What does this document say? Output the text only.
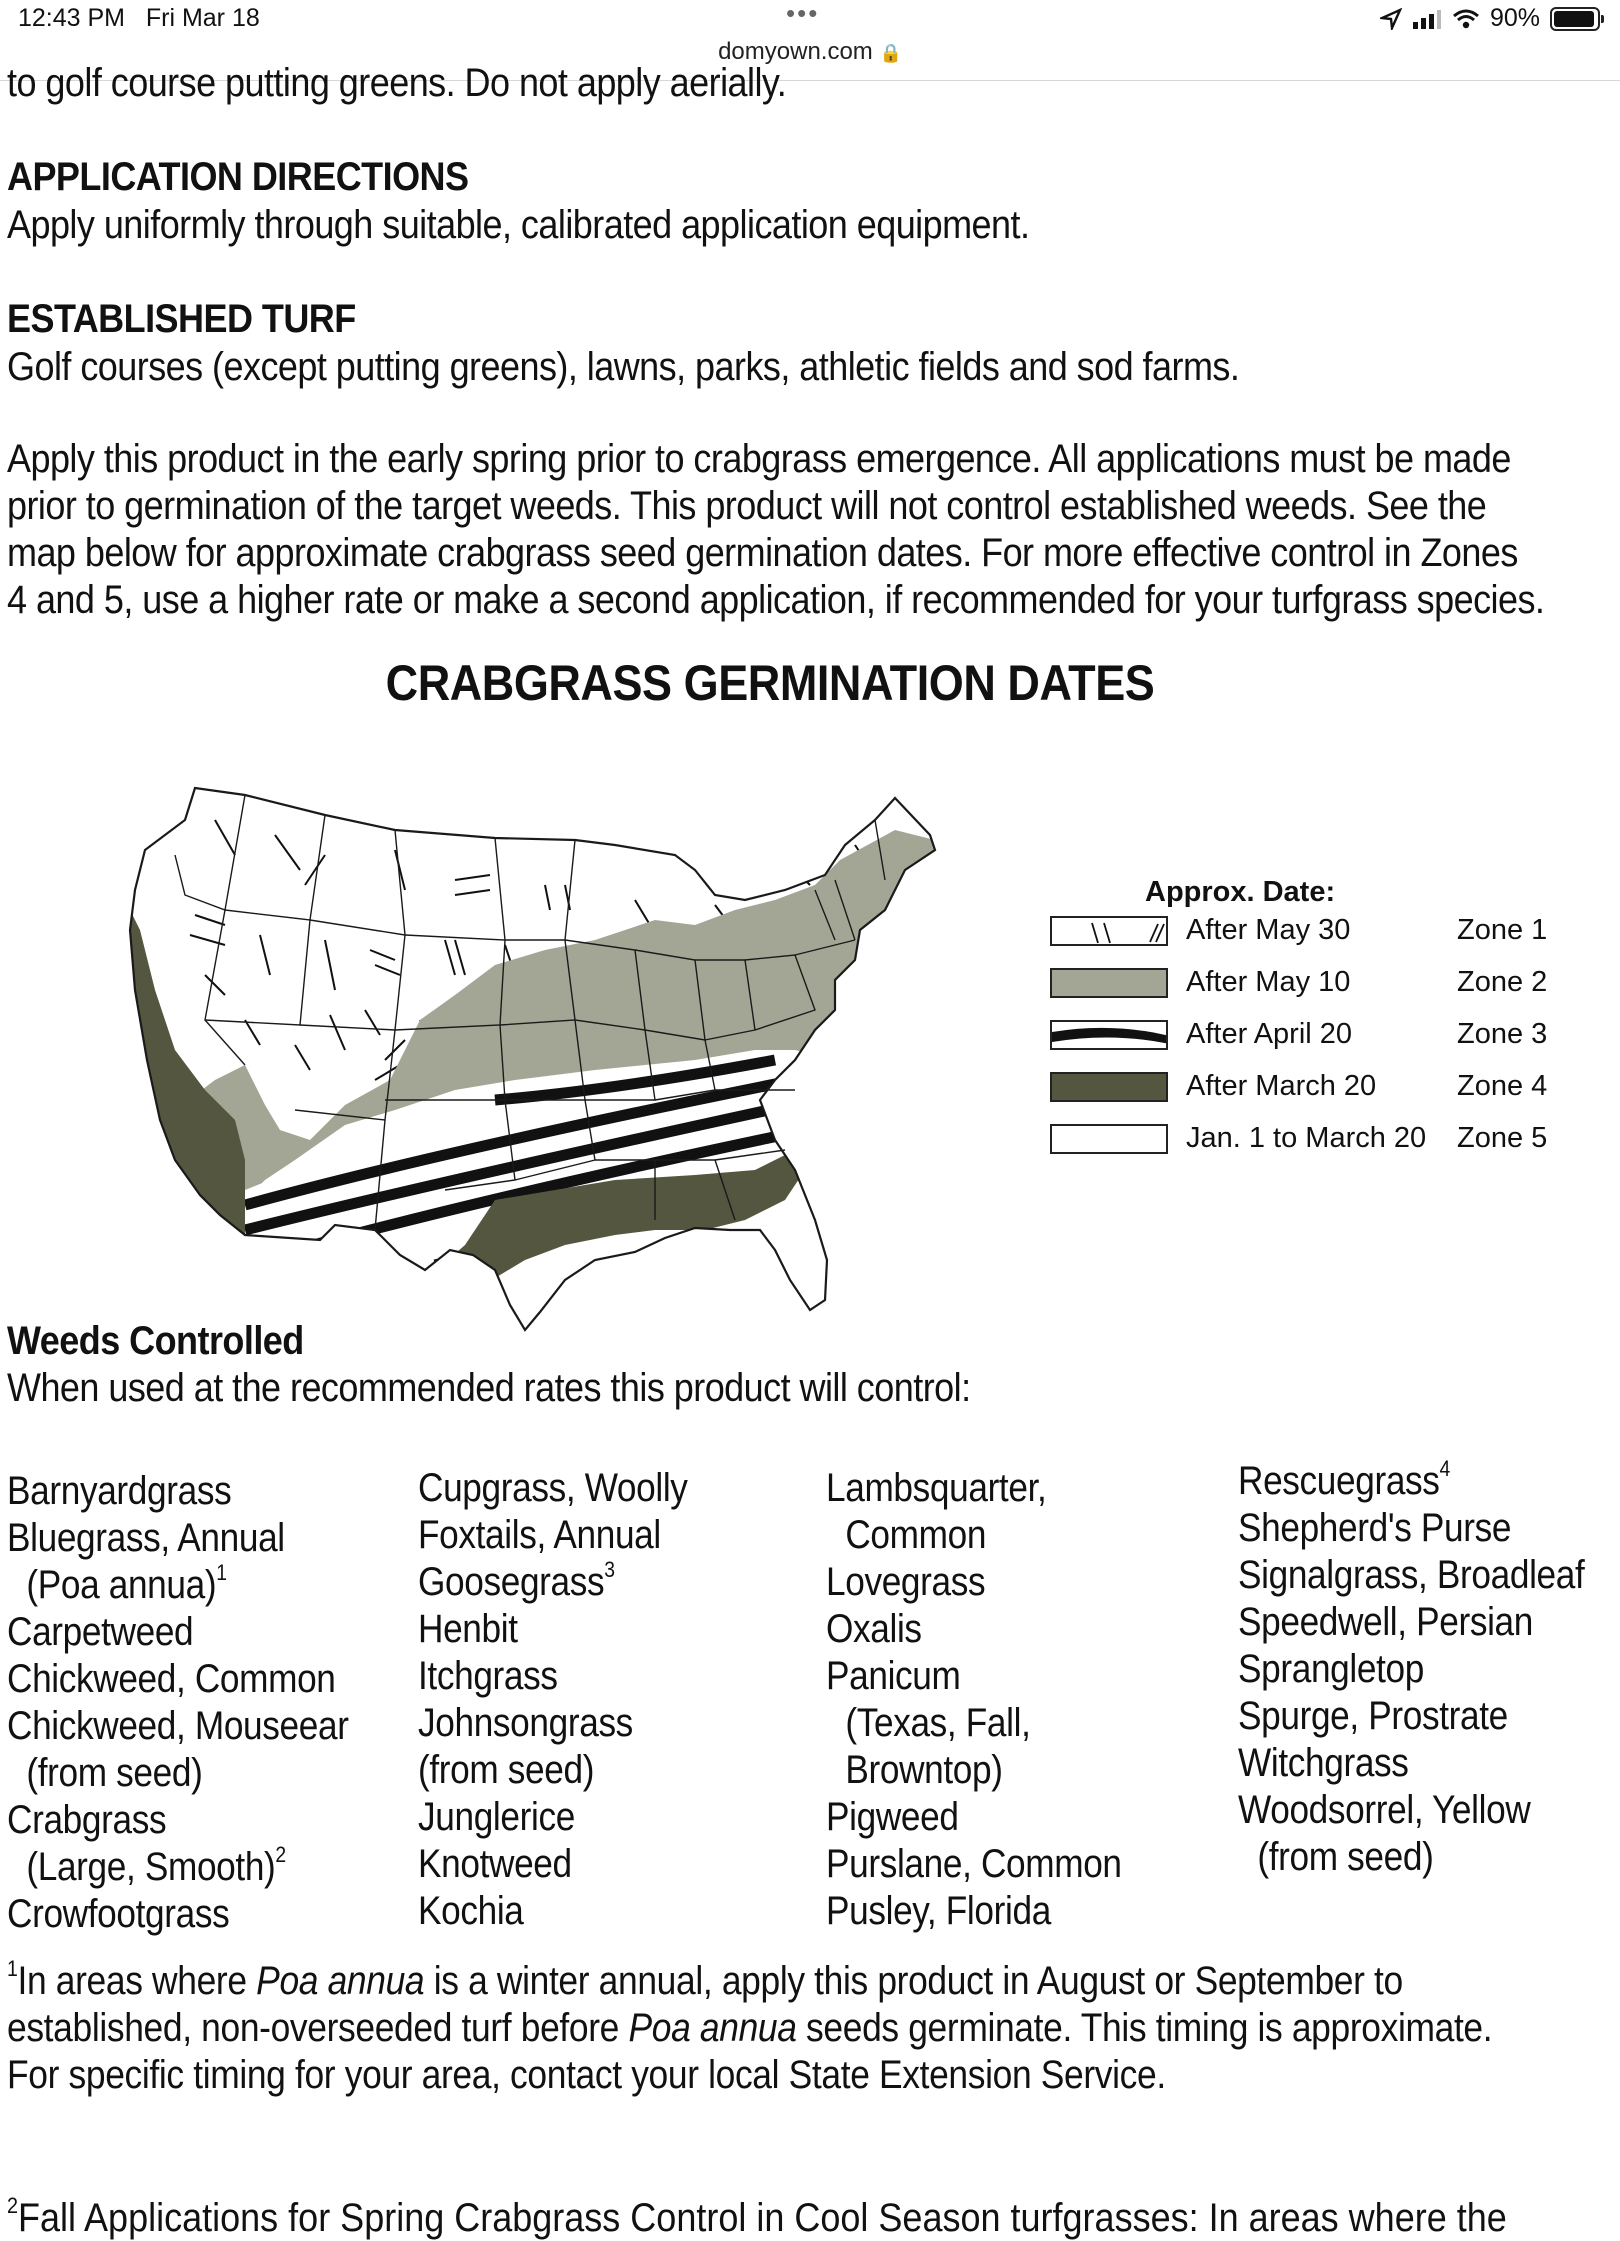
12:43 PM Fri Mar 18	•••
domyown.com 🔒
90%
to golf course putting greens. Do not apply aerially.
APPLICATION DIRECTIONS
Apply uniformly through suitable, calibrated application equipment.
ESTABLISHED TURF
Golf courses (except putting greens), lawns, parks, athletic fields and sod farms.
Apply this product in the early spring prior to crabgrass emergence. All applications must be made
prior to germination of the target weeds. This product will not control established weeds. See the
map below for approximate crabgrass seed germination dates. For more effective control in Zones
4 and 5, use a higher rate or make a second application, if recommended for your turfgrass species.
CRABGRASS GERMINATION DATES
Approx. Date:
After May 30	Zone 1
After May 10	Zone 2
After April 20	Zone 3
After March 20	Zone 4
Jan. 1 to March 20 Zone 5
Weeds Controlled
When used at the recommended rates this product will control:
Barnyardgrass
Bluegrass, Annual
(Poa annua)$^1$
Carpetweed
Chickweed, Common
Chickweed, Mouseear
(from seed)
Crabgrass
(Large, Smooth)$^2$
Crowfootgrass
Cupgrass, Woolly
Foxtails, Annual
Goosegrass$^3$
Henbit
Itchgrass
Johnsongrass
(from seed)
Junglerice
Knotweed
Kochia
Lambsquarter,
Common
Lovegrass
Oxalis
Panicum
(Texas, Fall,
Browntop)
Pigweed
Purslane, Common
Pusley, Florida
Rescuegrass$^4$
Shepherd's Purse
Signalgrass, Broadleaf
Speedwell, Persian
Sprangletop
Spurge, Prostrate
Witchgrass
Woodsorrel, Yellow
(from seed)
$^1$In areas where Poa annua is a winter annual, apply this product in August or September to
established, non-overseeded turf before Poa annua seeds germinate. This timing is approximate.
For specific timing for your area, contact your local State Extension Service.
$^2$Fall Applications for Spring Crabgrass Control in Cool Season turfgrasses: In areas where the
